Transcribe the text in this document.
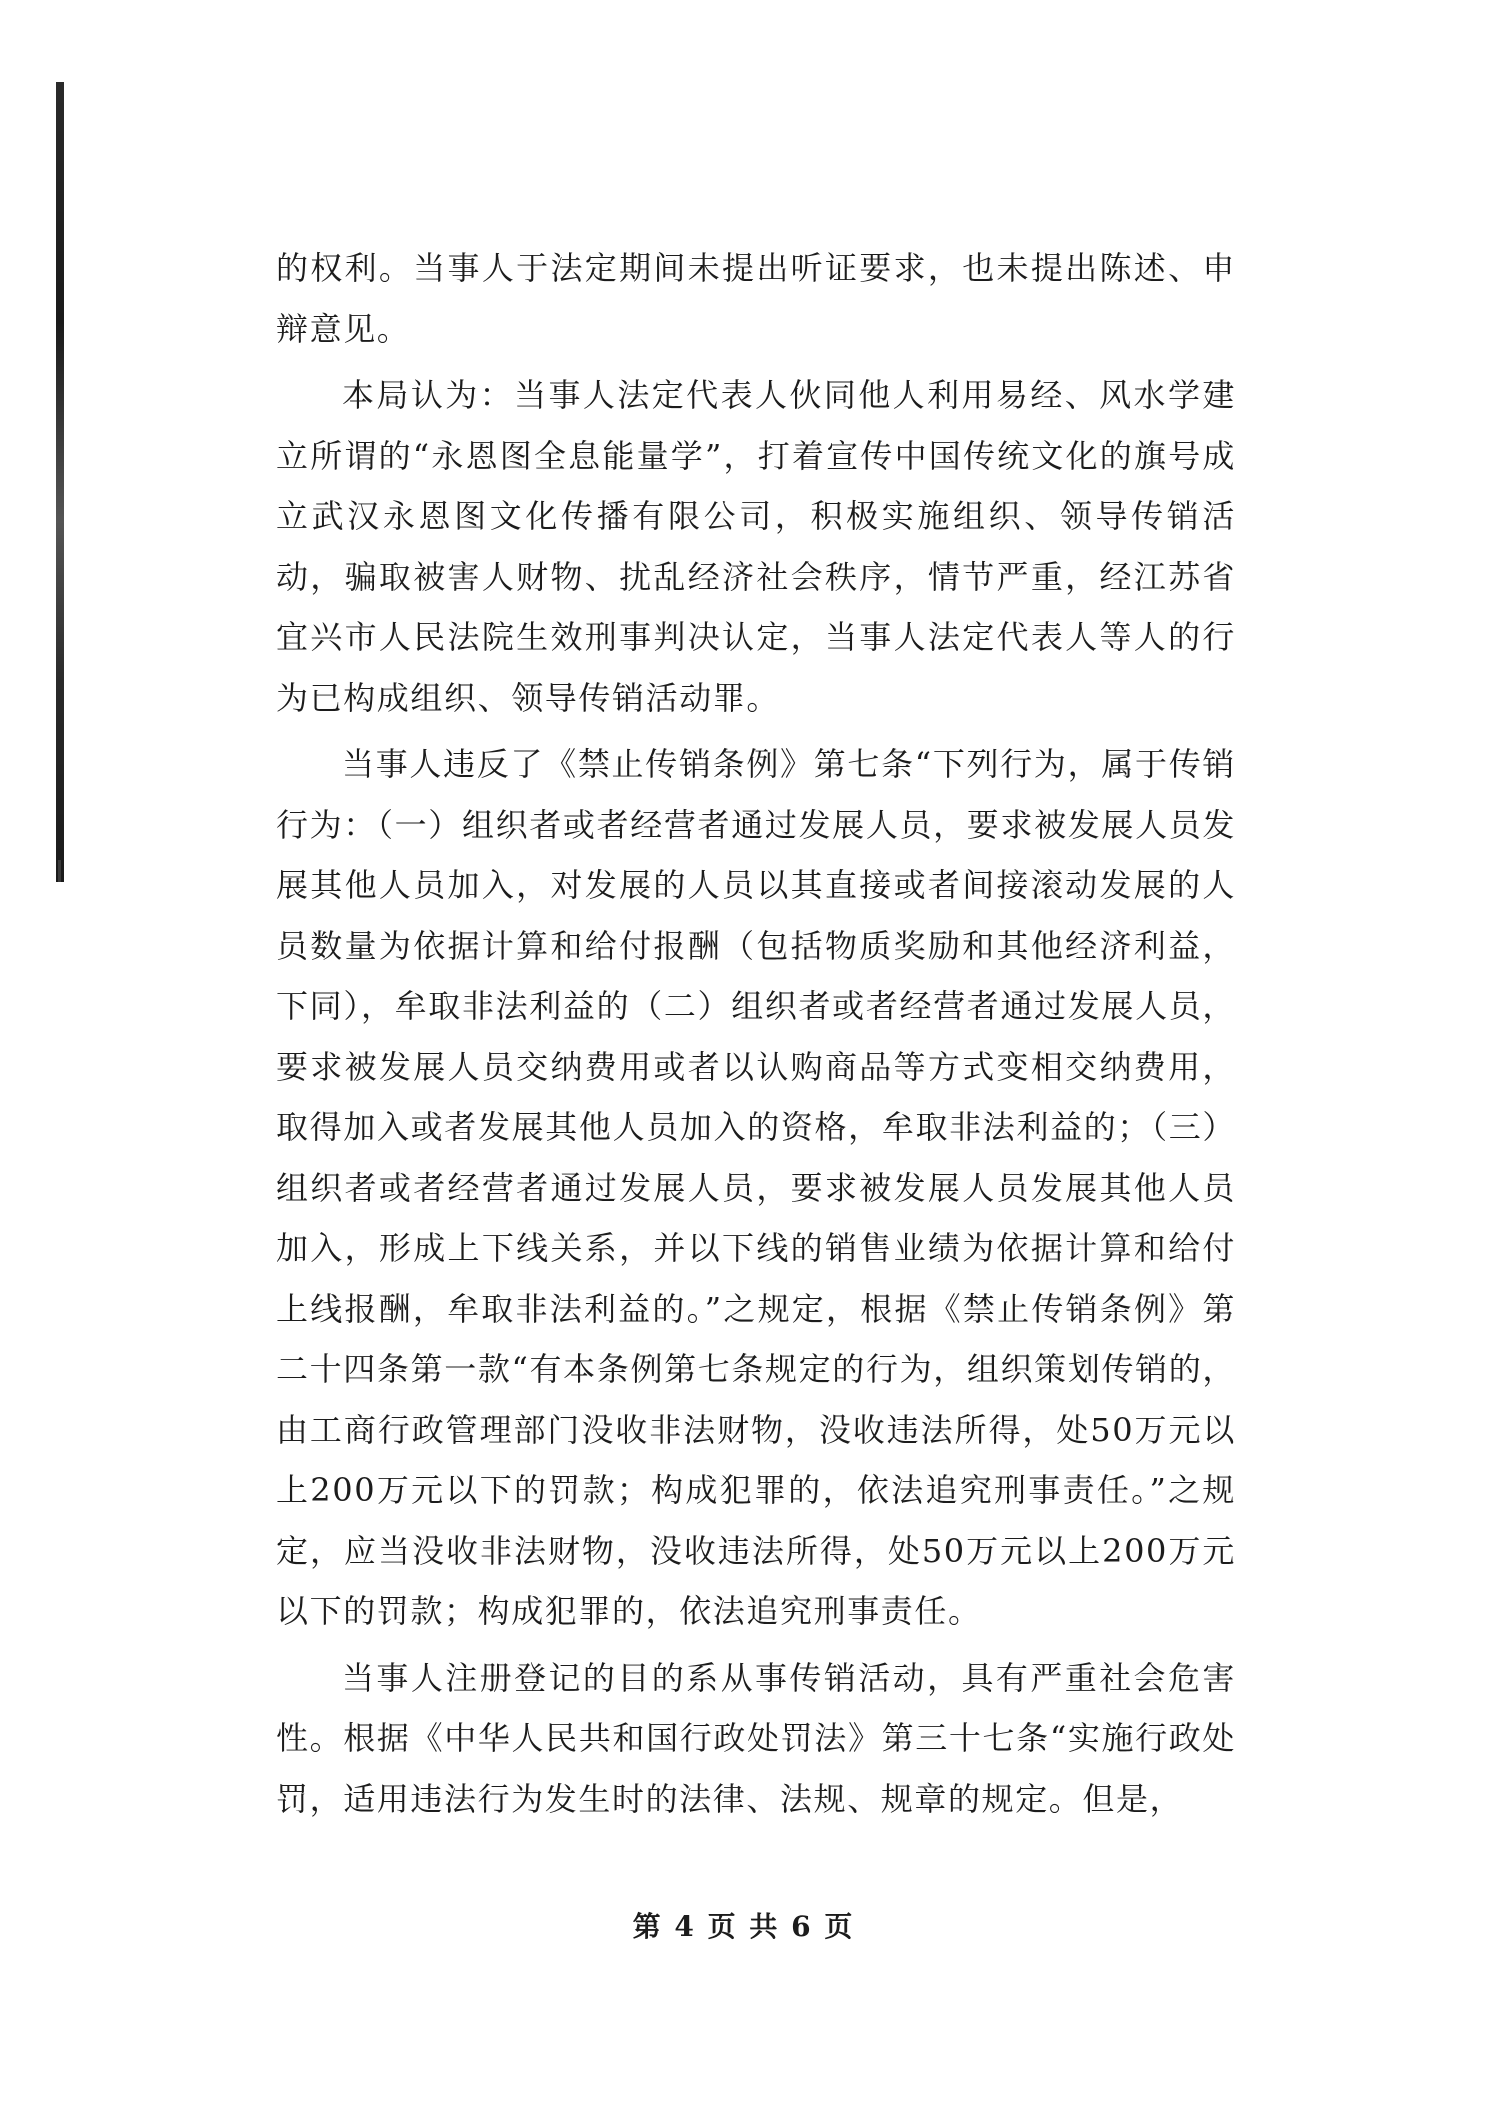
的权利。当事人于法定期间未提出听证要求，也未提出陈述、申辩意见。

本局认为：当事人法定代表人伙同他人利用易经、风水学建立所谓的“永恩图全息能量学”，打着宣传中国传统文化的旗号成立武汉永恩图文化传播有限公司，积极实施组织、领导传销活动，骗取被害人财物、扰乱经济社会秩序，情节严重，经江苏省宜兴市人民法院生效刑事判决认定，当事人法定代表人等人的行为已构成组织、领导传销活动罪。

当事人违反了《禁止传销条例》第七条“下列行为，属于传销行为：（一）组织者或者经营者通过发展人员，要求被发展人员发展其他人员加入，对发展的人员以其直接或者间接滚动发展的人员数量为依据计算和给付报酬（包括物质奖励和其他经济利益，下同），牟取非法利益的（二）组织者或者经营者通过发展人员，要求被发展人员交纳费用或者以认购商品等方式变相交纳费用，取得加入或者发展其他人员加入的资格，牟取非法利益的；（三）组织者或者经营者通过发展人员，要求被发展人员发展其他人员加入，形成上下线关系，并以下线的销售业绩为依据计算和给付上线报酬，牟取非法利益的。”之规定，根据《禁止传销条例》第二十四条第一款“有本条例第七条规定的行为，组织策划传销的，由工商行政管理部门没收非法财物，没收违法所得，处50万元以上200万元以下的罚款；构成犯罪的，依法追究刑事责任。”之规定，应当没收非法财物，没收违法所得，处50万元以上200万元以下的罚款；构成犯罪的，依法追究刑事责任。

当事人注册登记的目的系从事传销活动，具有严重社会危害性。根据《中华人民共和国行政处罚法》第三十七条“实施行政处罚，适用违法行为发生时的法律、法规、规章的规定。但是，

第 4 页 共 6 页
